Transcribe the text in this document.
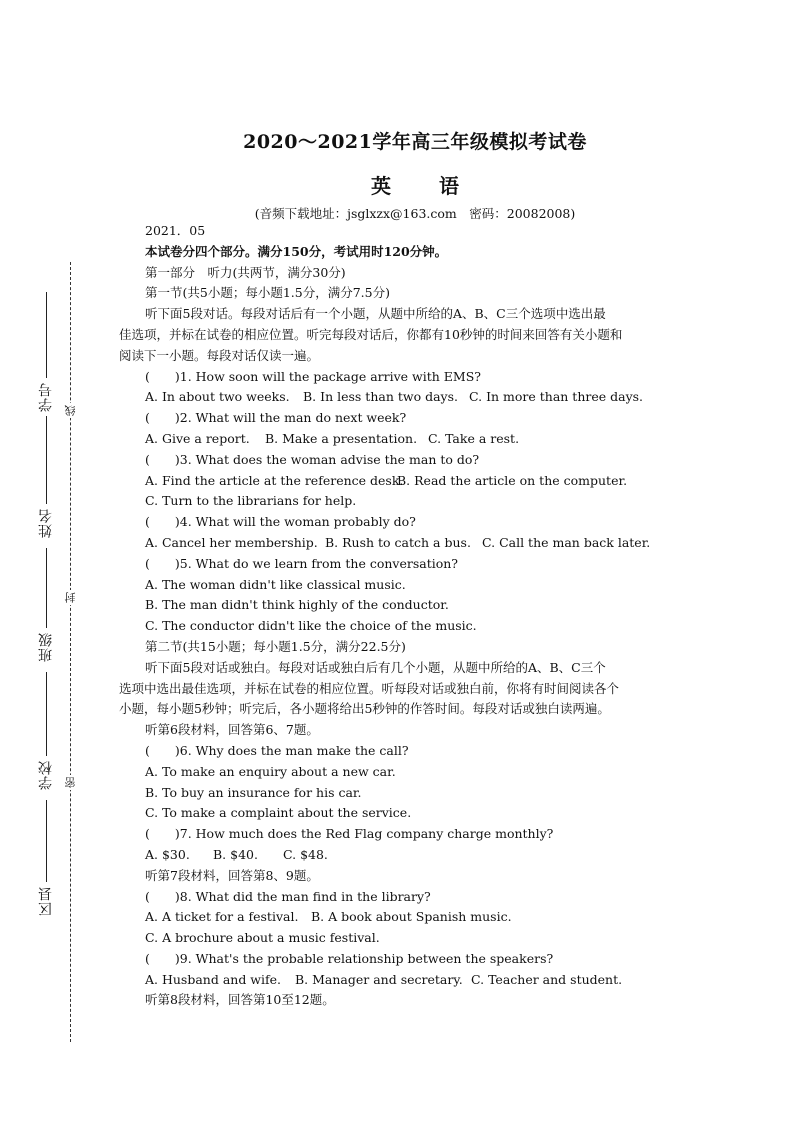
学号
姓名
班级
学校
区县
线
封
密
2020～2021学年高三年级模拟考试卷
英 语
(音频下载地址：jsglxzx@163.com　密码：20082008)
2021．05
本试卷分四个部分。满分150分，考试用时120分钟。
第一部分　听力(共两节，满分30分)
第一节(共5小题；每小题1.5分，满分7.5分)
听下面5段对话。每段对话后有一个小题，从题中所给的A、B、C三个选项中选出最
佳选项，并标在试卷的相应位置。听完每段对话后，你都有10秒钟的时间来回答有关小题和
阅读下一小题。每段对话仅读一遍。
(　　)1. How soon will the package arrive with EMS?
A. In about two weeks. B. In less than two days. C. In more than three days.
(　　)2. What will the man do next week?
A. Give a report. B. Make a presentation. C. Take a rest.
(　　)3. What does the woman advise the man to do?
A. Find the article at the reference desk.B. Read the article on the computer.
C. Turn to the librarians for help.
(　　)4. What will the woman probably do?
A. Cancel her membership. B. Rush to catch a bus. C. Call the man back later.
(　　)5. What do we learn from the conversation?
A. The woman didn't like classical music.
B. The man didn't think highly of the conductor.
C. The conductor didn't like the choice of the music.
第二节(共15小题；每小题1.5分，满分22.5分)
听下面5段对话或独白。每段对话或独白后有几个小题，从题中所给的A、B、C三个
选项中选出最佳选项，并标在试卷的相应位置。听每段对话或独白前，你将有时间阅读各个
小题，每小题5秒钟；听完后，各小题将给出5秒钟的作答时间。每段对话或独白读两遍。
听第6段材料，回答第6、7题。
(　　)6. Why does the man make the call?
A. To make an enquiry about a new car.
B. To buy an insurance for his car.
C. To make a complaint about the service.
(　　)7. How much does the Red Flag company charge monthly?
A. $30. B. $40. C. $48.
听第7段材料，回答第8、9题。
(　　)8. What did the man find in the library?
A. A ticket for a festival. B. A book about Spanish music.
C. A brochure about a music festival.
(　　)9. What's the probable relationship between the speakers?
A. Husband and wife. B. Manager and secretary. C. Teacher and student.
听第8段材料，回答第10至12题。
